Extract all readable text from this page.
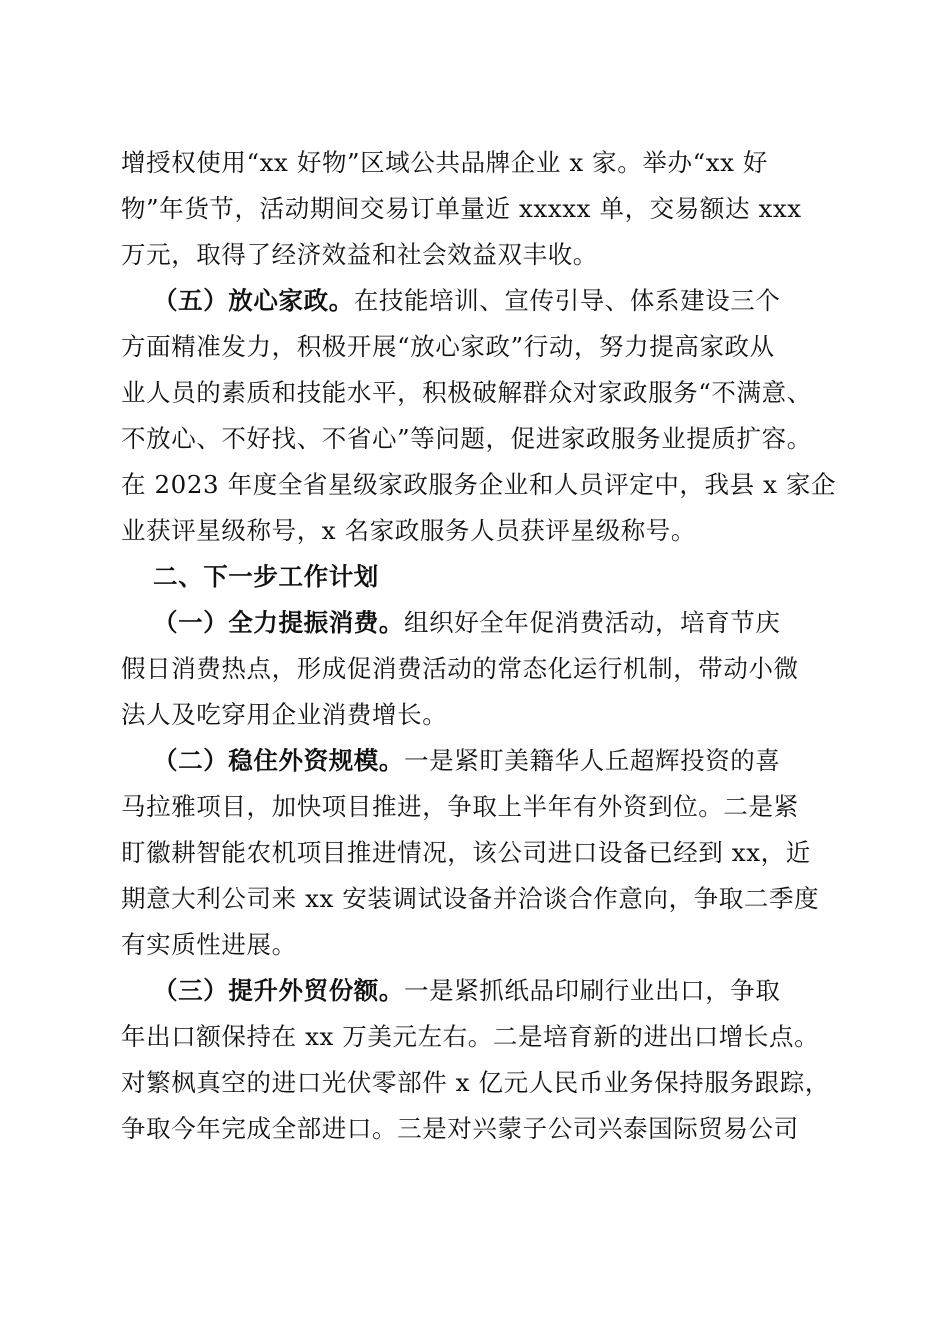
增授权使用“xx 好物”区域公共品牌企业 x 家。举办“xx 好
物”年货节，活动期间交易订单量近 xxxxx 单，交易额达 xxx
万元，取得了经济效益和社会效益双丰收。
（五）放心家政。在技能培训、宣传引导、体系建设三个
方面精准发力，积极开展“放心家政”行动，努力提高家政从
业人员的素质和技能水平，积极破解群众对家政服务“不满意、
不放心、不好找、不省心”等问题，促进家政服务业提质扩容。
在 2023 年度全省星级家政服务企业和人员评定中，我县 x 家企
业获评星级称号，x 名家政服务人员获评星级称号。
二、下一步工作计划
（一）全力提振消费。组织好全年促消费活动，培育节庆
假日消费热点，形成促消费活动的常态化运行机制，带动小微
法人及吃穿用企业消费增长。
（二）稳住外资规模。一是紧盯美籍华人丘超辉投资的喜
马拉雅项目，加快项目推进，争取上半年有外资到位。二是紧
盯徽耕智能农机项目推进情况，该公司进口设备已经到 xx，近
期意大利公司来 xx 安装调试设备并洽谈合作意向，争取二季度
有实质性进展。
（三）提升外贸份额。一是紧抓纸品印刷行业出口，争取
年出口额保持在 xx 万美元左右。二是培育新的进出口增长点。
对繁枫真空的进口光伏零部件 x 亿元人民币业务保持服务跟踪，
争取今年完成全部进口。三是对兴蒙子公司兴泰国际贸易公司
